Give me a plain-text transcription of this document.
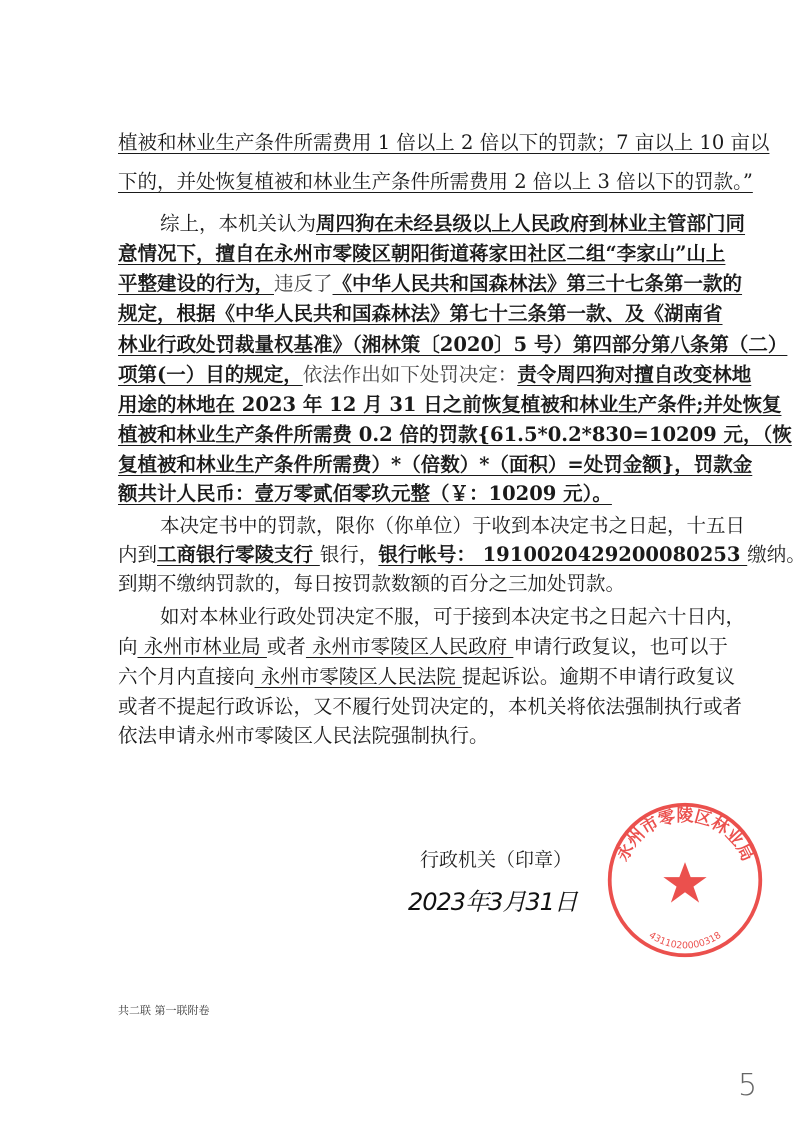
植被和林业生产条件所需费用 1 倍以上 2 倍以下的罚款；7 亩以上 10 亩以
下的，并处恢复植被和林业生产条件所需费用 2 倍以上 3 倍以下的罚款。”
综上，本机关认为周四狗在未经县级以上人民政府到林业主管部门同
意情况下，擅自在永州市零陵区朝阳街道蒋家田社区二组“李家山”山上
平整建设的行为，违反了《中华人民共和国森林法》第三十七条第一款的
规定，根据《中华人民共和国森林法》第七十三条第一款、及《湖南省
林业行政处罚裁量权基准》（湘林策〔2020〕5 号）第四部分第八条第（二）
项第(一）目的规定，依法作出如下处罚决定：责令周四狗对擅自改变林地
用途的林地在 2023 年 12 月 31 日之前恢复植被和林业生产条件;并处恢复
植被和林业生产条件所需费 0.2 倍的罚款{61.5*0.2*830=10209 元，（恢
复植被和林业生产条件所需费）*（倍数）*（面积）=处罚金额}，罚款金
额共计人民币：壹万零贰佰零玖元整（￥：10209 元）。
本决定书中的罚款，限你（你单位）于收到本决定书之日起，十五日
内到工商银行零陵支行 银行，银行帐号： 1910020429200080253 缴纳。
到期不缴纳罚款的，每日按罚款数额的百分之三加处罚款。
如对本林业行政处罚决定不服，可于接到本决定书之日起六十日内，
向 永州市林业局 或者 永州市零陵区人民政府 申请行政复议，也可以于
六个月内直接向 永州市零陵区人民法院 提起诉讼。逾期不申请行政复议
或者不提起行政诉讼，又不履行处罚决定的，本机关将依法强制执行或者
依法申请永州市零陵区人民法院强制执行。
永州市零陵区林业局
4311020000318
行政机关（印章）
2023年3月31日
共二联 第一联附卷
5
